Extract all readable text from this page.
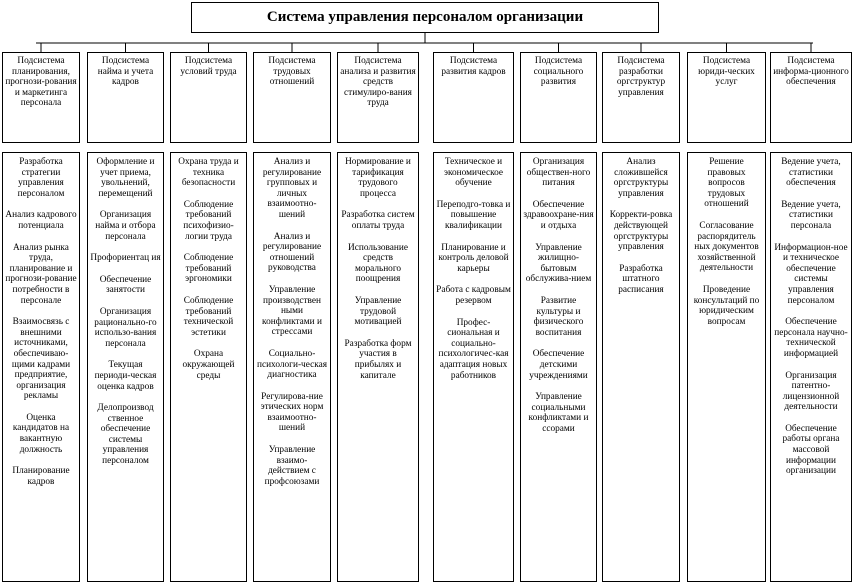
Система управления персоналом организации
Подсистема планирования, прогнози-рования и маркетинга персонала
Разработка стратегии управления персоналом
Анализ кадрового потенциала
Анализ рынка труда, планирование и прогнози-рование потребности в персонале
Взаимосвязь с внешними источниками, обеспечиваю-щими кадрами предприятие, организация рекламы
Оценка кандидатов на вакантную должность
Планирование кадров
Подсистема найма и учета кадров
Оформление и учет приема, увольнений, перемещений
Организация найма и отбора персонала
Профориентац ия
Обеспечение занятости
Организация рационально-го использо-вания персонала
Текущая периоди-ческая оценка кадров
Делопроизвод ственное обеспечение системы управления персоналом
Подсистема условий труда
Охрана труда и техника безопасности
Соблюдение требований психофизио-логии труда
Соблюдение требований эргономики
Соблюдение требований технической эстетики
Охрана окружающей среды
Подсистема трудовых отношений
Анализ и регулирование групповых и личных взаимоотно-шений
Анализ и регулирование отношений руководства
Управление производствен ными конфликтами и стрессами
Социально-психологи-ческая диагностика
Регулирова-ние этических норм взаимоотно-шений
Управление взаимо-действием с профсоюзами
Подсистема анализа и развития средств стимулиро-вания труда
Нормирование и тарификация трудового процесса
Разработка систем оплаты труда
Использование средств морального поощрения
Управление трудовой мотивацией
Разработка форм участия в прибылях и капитале
Подсистема развития кадров
Техническое и экономическое обучение
Переподго-товка и повышение квалификации
Планирование и контроль деловой карьеры
Работа с кадровым резервом
Профес-сиональная и социально-психологичес-кая адаптация новых работников
Подсистема социального развития
Организация обществен-ного питания
Обеспечение здравоохране-ния и отдыха
Управление жилищно-бытовым обслужива-нием
Развитие культуры и физического воспитания
Обеспечение детскими учреждениями
Управление социальными конфликтами и ссорами
Подсистема разработки оргструктур управления
Анализ сложившейся оргструктуры управления
Корректи-ровка действующей оргструктуры управления
Разработка штатного расписания
Подсистема юриди-ческих услуг
Решение правовых вопросов трудовых отношений
Согласование распорядитель ных документов хозяйственной деятельности
Проведение консультаций по юридическим вопросам
Подсистема информа-ционного обеспечения
Ведение учета, статистики обеспечения
Ведение учета, статистики персонала
Информацион-ное и техническое обеспечение системы управления персоналом
Обеспечение персонала научно-технической информацией
Организация патентно-лицензионной деятельности
Обеспечение работы органа массовой информации организации
